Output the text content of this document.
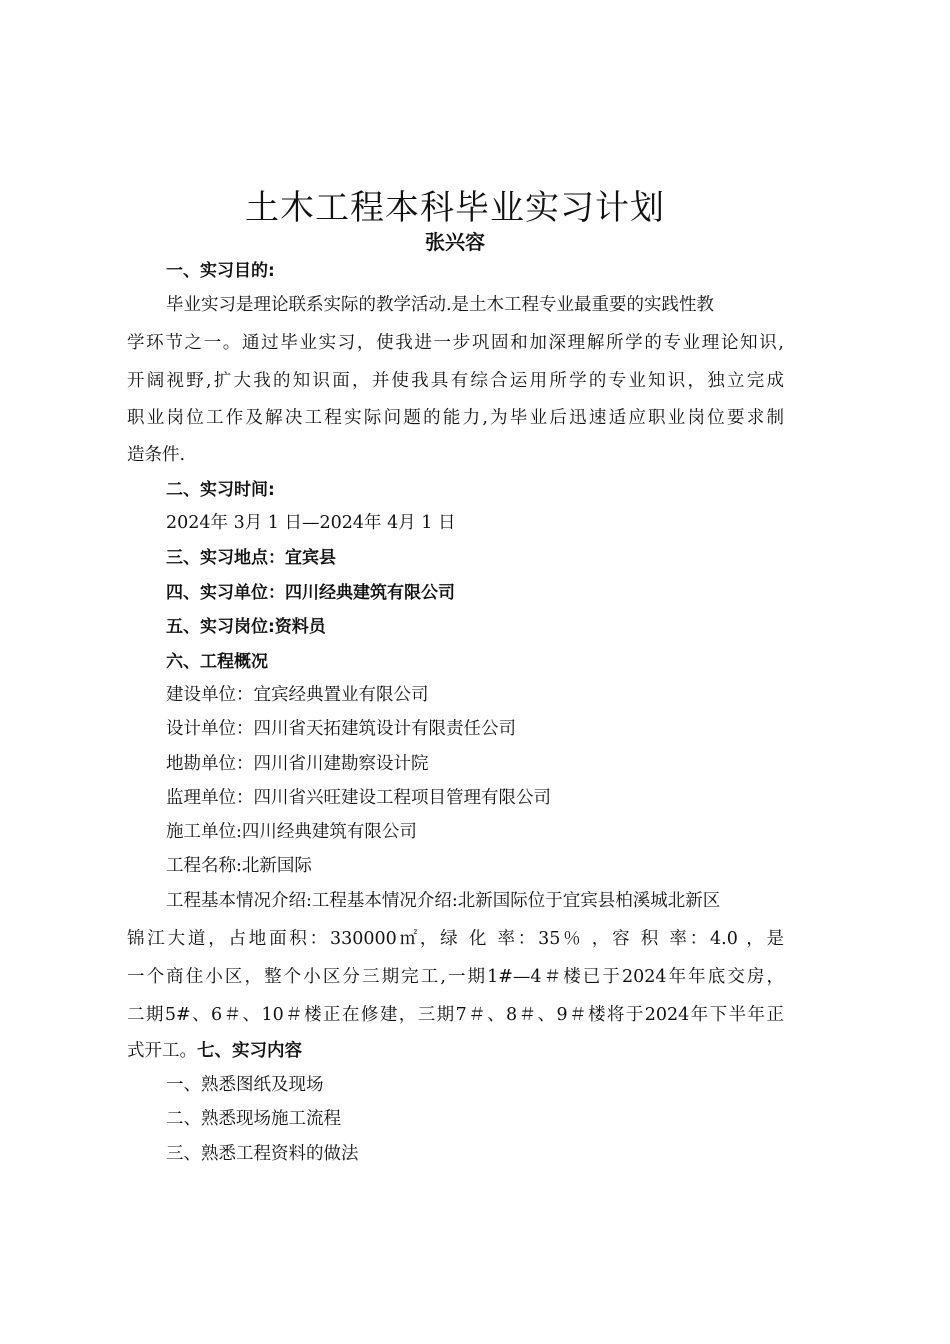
土木工程本科毕业实习计划
张兴容
一、实习目的:
毕业实习是理论联系实际的教学活动.是土木工程专业最重要的实践性教
学环节之一。通过毕业实习，使我进一步巩固和加深理解所学的专业理论知识,
开阔视野,扩大我的知识面，并使我具有综合运用所学的专业知识，独立完成
职业岗位工作及解决工程实际问题的能力,为毕业后迅速适应职业岗位要求制
造条件.
二、实习时间:
2024年 3月 1 日—2024年 4月 1 日
三、实习地点：宜宾县
四、实习单位：四川经典建筑有限公司
五、实习岗位:资料员
六、工程概况
建设单位：宜宾经典置业有限公司
设计单位：四川省天拓建筑设计有限责任公司
地勘单位：四川省川建勘察设计院
监理单位：四川省兴旺建设工程项目管理有限公司
施工单位:四川经典建筑有限公司
工程名称:北新国际
工程基本情况介绍:工程基本情况介绍:北新国际位于宜宾县柏溪城北新区
锦江大道，占地面积：330000㎡，绿 化 率：35％ ，容 积 率：4.0 ，是
一个商住小区，整个小区分三期完工,一期1#—4＃楼已于2024年年底交房，
二期5#、6＃、10＃楼正在修建，三期7＃、8＃、9＃楼将于2024年下半年正
式开工。七、实习内容
一、熟悉图纸及现场
二、熟悉现场施工流程
三、熟悉工程资料的做法
